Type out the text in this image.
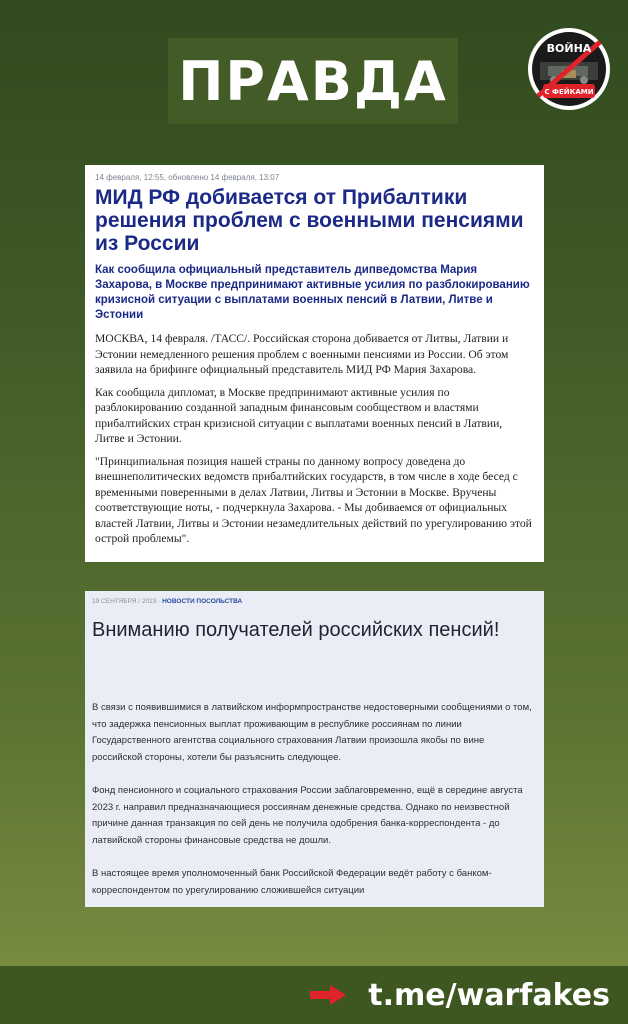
ПРАВДА
ВОЙНА
С ФЕЙКАМИ
14 февраля, 12:55, обновлено 14 февраля, 13:07
МИД РФ добивается от Прибалтики решения проблем с военными пенсиями из России

Как сообщила официальный представитель дипведомства Мария Захарова, в Москве предпринимают активные усилия по разблокированию кризисной ситуации с выплатами военных пенсий в Латвии, Литве и Эстонии

МОСКВА, 14 февраля. /ТАСС/. Российская сторона добивается от Литвы, Латвии и Эстонии немедленного решения проблем с военными пенсиями из России. Об этом заявила на брифинге официальный представитель МИД РФ Мария Захарова.

Как сообщила дипломат, в Москве предпринимают активные усилия по разблокированию созданной западным финансовым сообществом и властями прибалтийских стран кризисной ситуации с выплатами военных пенсий в Латвии, Литве и Эстонии.

"Принципиальная позиция нашей страны по данному вопросу доведена до внешнеполитических ведомств прибалтийских государств, в том числе в ходе бесед с временными поверенными в делах Латвии, Литвы и Эстонии в Москве. Вручены соответствующие ноты, - подчеркнула Захарова. - Мы добиваемся от официальных властей Латвии, Литвы и Эстонии незамедлительных действий по урегулированию этой острой проблемы".

19 СЕНТЯБРЯ / 2023 · НОВОСТИ ПОСОЛЬСТВА
Вниманию получателей российских пенсий!

В связи с появившимися в латвийском информпространстве недостоверными сообщениями о том, что задержка пенсионных выплат проживающим в республике россиянам по линии Государственного агентства социального страхования Латвии произошла якобы по вине российской стороны, хотели бы разъяснить следующее.

Фонд пенсионного и социального страхования России заблаговременно, ещё в середине августа 2023 г. направил предназначающиеся россиянам денежные средства. Однако по неизвестной причине данная транзакция по сей день не получила одобрения банка-корреспондента - до латвийской стороны финансовые средства не дошли.

В настоящее время уполномоченный банк Российской Федерации ведёт работу с банком-корреспондентом по урегулированию сложившейся ситуации

t.me/warfakes
